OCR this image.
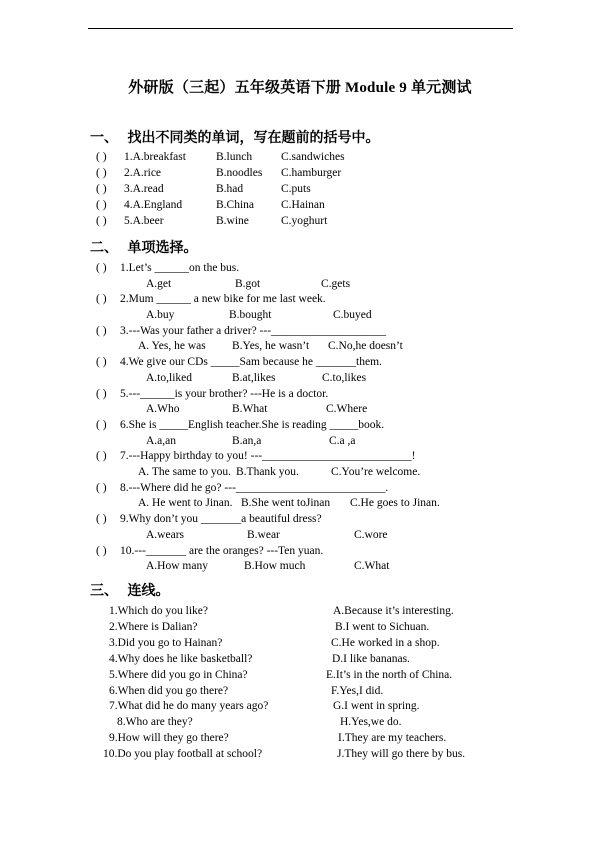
外研版（三起）五年级英语下册 Module 9 单元测试
一、 找出不同类的单词，写在题前的括号中。
( ) 1.A.breakfast	B.lunch	C.sandwiches
( ) 2.A.rice	B.noodles C.hamburger
( ) 3.A.read	B.had	C.puts
( ) 4.A.England	B.China C.Hainan
( ) 5.A.beer	B.wine	C.yoghurt
二、 单项选择。
( ) 1.Let’s ______on the bus.
A.get	B.got	C.gets
( ) 2.Mum ______ a new bike for me last week.
A.buy	B.bought	C.buyed
( ) 3.---Was your father a driver? ---____________________
A. Yes, he was B.Yes, he wasn’t C.No,he doesn’t
( ) 4.We give our CDs _____Sam because he _______them.
A.to,liked	B.at,likes	C.to,likes
( ) 5.---______is your brother? ---He is a doctor.
A.Who	B.What	C.Where
( ) 6.She is _____English teacher.She is reading _____book.
A.a,an	B.an,a	C.a ,a
( ) 7.---Happy birthday to you! ---__________________________!
A. The same to you. B.Thank you.	C.You’re welcome.
( ) 8.---Where did he go? ---__________________________.
A. He went to Jinan. B.She went toJinan C.He goes to Jinan.
( ) 9.Why don’t you _______a beautiful dress?
A.wears	B.wear	C.wore
( ) 10.---_______ are the oranges? ---Ten yuan.
A.How many	B.How much	C.What
三、 连线。
1.Which do you like?	A.Because it’s interesting.
2.Where is Dalian?	B.I went to Sichuan.
3.Did you go to Hainan?	C.He worked in a shop.
4.Why does he like basketball?	D.I like bananas.
5.Where did you go in China?	E.It’s in the north of China.
6.When did you go there?	F.Yes,I did.
7.What did he do many years ago?	G.I went in spring.
8.Who are they?	H.Yes,we do.
9.How will they go there?	I.They are my teachers.
10.Do you play football at school?	J.They will go there by bus.
